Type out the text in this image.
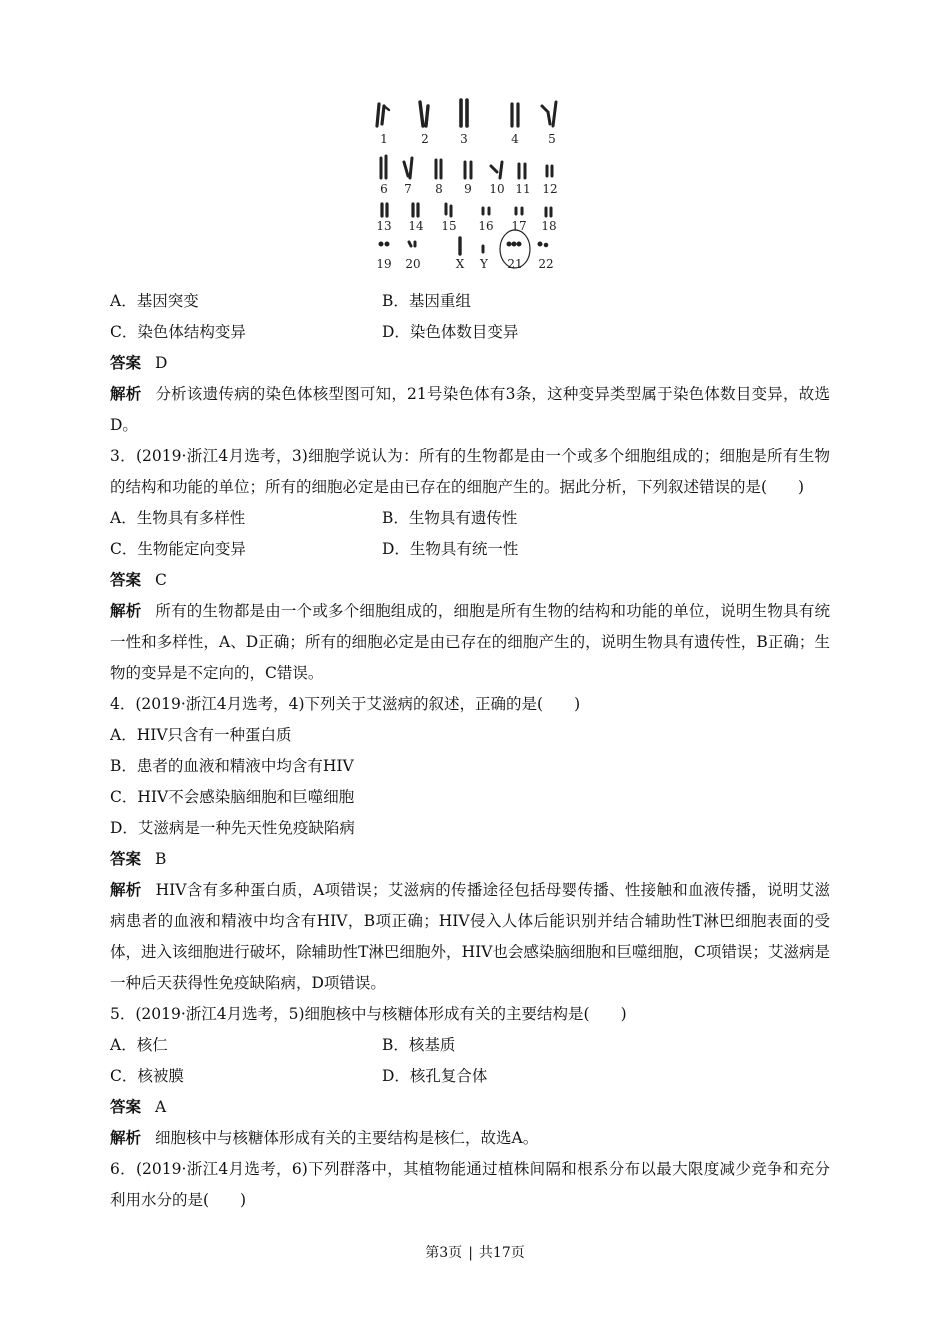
1	2	3	4 5
6 7 8 9 10 11 12
13 14 15 16 17 18
19 20	X Y 21 22
A．基因突变	B．基因重组
C．染色体结构变异	D．染色体数目变异
答案 D
解析 分析该遗传病的染色体核型图可知，21号染色体有3条，这种变异类型属于染色体数目变异，故选D。
3．(2019·浙江4月选考，3)细胞学说认为：所有的生物都是由一个或多个细胞组成的；细胞是所有生物的结构和功能的单位；所有的细胞必定是由已存在的细胞产生的。据此分析，下列叙述错误的是(　　)
A．生物具有多样性	B．生物具有遗传性
C．生物能定向变异	D．生物具有统一性
答案 C
解析 所有的生物都是由一个或多个细胞组成的，细胞是所有生物的结构和功能的单位，说明生物具有统一性和多样性，A、D正确；所有的细胞必定是由已存在的细胞产生的，说明生物具有遗传性，B正确；生物的变异是不定向的，C错误。
4．(2019·浙江4月选考，4)下列关于艾滋病的叙述，正确的是(　　)
A．HIV只含有一种蛋白质
B．患者的血液和精液中均含有HIV
C．HIV不会感染脑细胞和巨噬细胞
D．艾滋病是一种先天性免疫缺陷病
答案 B
解析 HIV含有多种蛋白质，A项错误；艾滋病的传播途径包括母婴传播、性接触和血液传播，说明艾滋病患者的血液和精液中均含有HIV，B项正确；HIV侵入人体后能识别并结合辅助性T淋巴细胞表面的受体，进入该细胞进行破坏，除辅助性T淋巴细胞外，HIV也会感染脑细胞和巨噬细胞，C项错误；艾滋病是一种后天获得性免疫缺陷病，D项错误。
5．(2019·浙江4月选考，5)细胞核中与核糖体形成有关的主要结构是(　　)
A．核仁	B．核基质
C．核被膜	D．核孔复合体
答案 A
解析 细胞核中与核糖体形成有关的主要结构是核仁，故选A。
6．(2019·浙江4月选考，6)下列群落中，其植物能通过植株间隔和根系分布以最大限度减少竞争和充分利用水分的是(　　)
第3页 | 共17页
